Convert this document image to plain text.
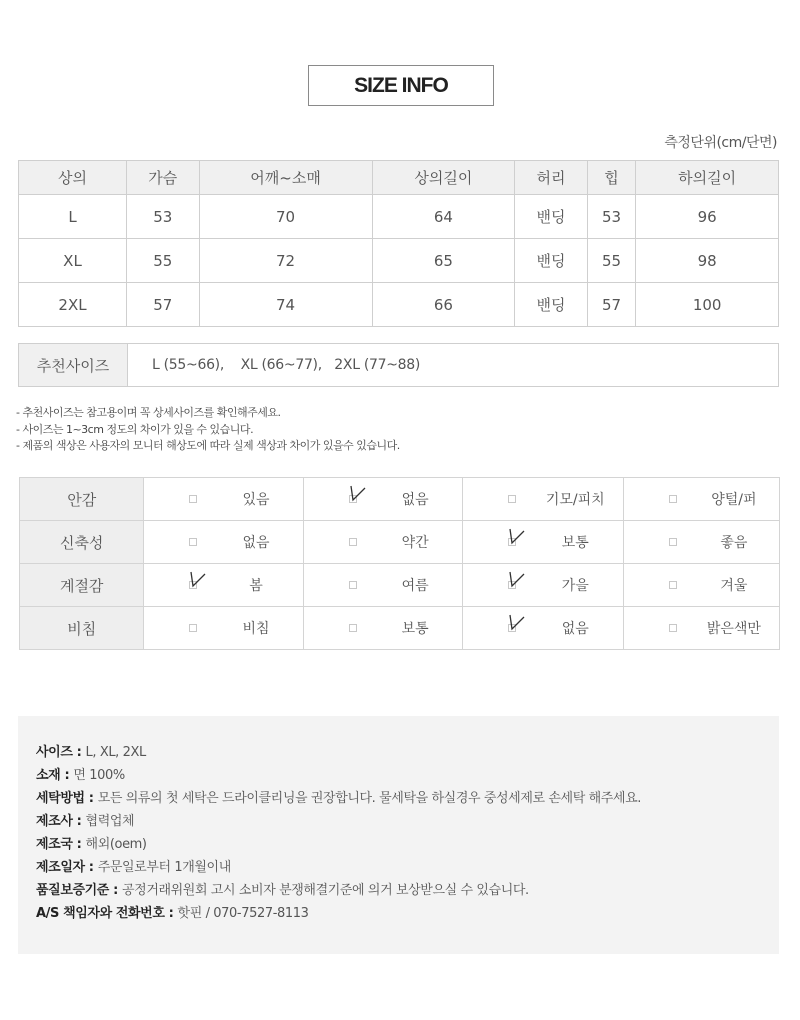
SIZE INFO
측정단위(cm/단면)
상의	가슴	어깨~소매	상의길이	허리	힙	하의길이
L	53	70	64	밴딩	53	96
XL	55	72	65	밴딩	55	98
2XL	57	74	66	밴딩	57	100
추천사이즈	L (55~66),    XL (66~77),   2XL (77~88)
- 추천사이즈는 참고용이며 꼭 상세사이즈를 확인해주세요.
- 사이즈는 1~3cm 정도의 차이가 있을 수 있습니다.
- 제품의 색상은 사용자의 모니터 해상도에 따라 실제 색상과 차이가 있을수 있습니다.
안감	있음	없음	기모/피치	양털/퍼

신축성	없음	약간	보통	좋음

계절감	봄	여름	가을	겨울

비침	비침	보통	없음	밝은색만
사이즈 : L, XL, 2XL
소재 : 면 100%
세탁방법 : 모든 의류의 첫 세탁은 드라이클리닝을 권장합니다. 물세탁을 하실경우 중성세제로 손세탁 해주세요.
제조사 : 협력업체
제조국 : 해외(oem)
제조일자 : 주문일로부터 1개월이내
품질보증기준 : 공정거래위원회 고시 소비자 분쟁해결기준에 의거 보상받으실 수 있습니다.
A/S 책임자와 전화번호 : 핫핀 / 070-7527-8113
